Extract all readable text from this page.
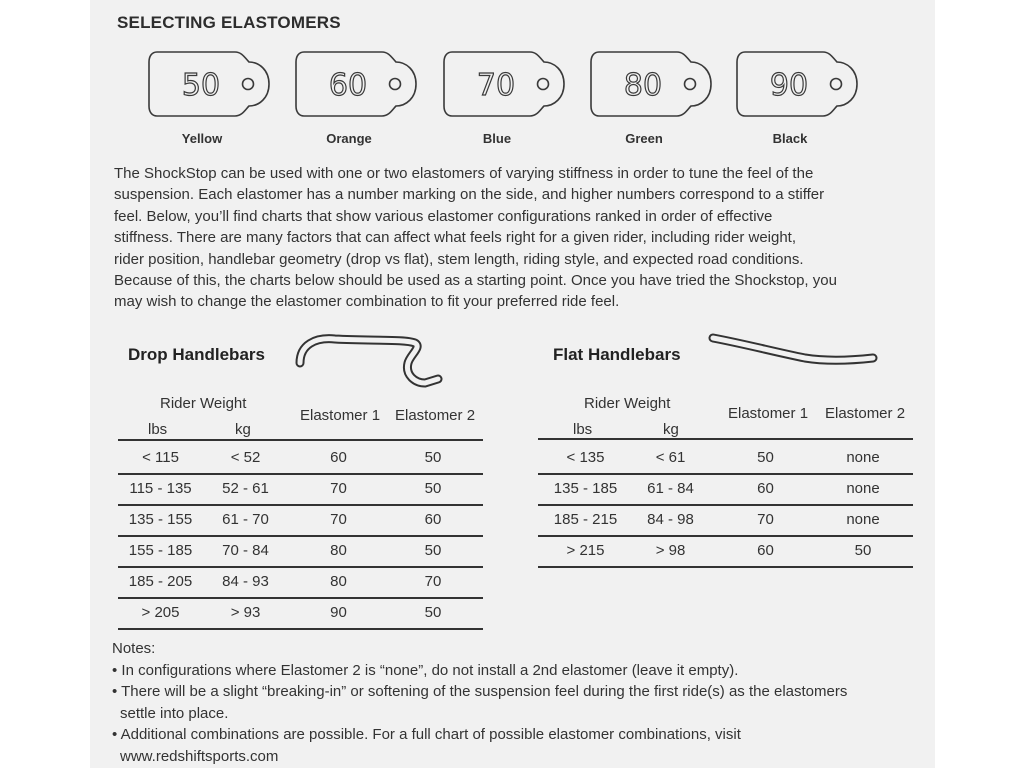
SELECTING ELASTOMERS
50
Yellow
60
Orange
70
Blue
80
Green
90
Black
The ShockStop can be used with one or two elastomers of varying stiffness in order to tune the feel of the
suspension. Each elastomer has a number marking on the side, and higher numbers correspond to a stiffer
feel. Below, you’ll find charts that show various elastomer configurations ranked in order of effective
stiffness. There are many factors that can affect what feels right for a given rider, including rider weight,
rider position, handlebar geometry (drop vs flat), stem length, riding style, and expected road conditions.
Because of this, the charts below should be used as a starting point. Once you have tried the Shockstop, you
may wish to change the elastomer combination to fit your preferred ride feel.
Drop Handlebars
Rider Weight
lbs	kg
Elastomer 1 Elastomer 2
< 115	< 52	60	50
115 - 135	52 - 61	70	50
135 - 155	61 - 70	70	60
155 - 185	70 - 84	80	50
185 - 205	84 - 93	80	70
> 205	> 93	90	50
Flat Handlebars
Rider Weight
lbs	kg
Elastomer 1 Elastomer 2
< 135	< 61	50	none
135 - 185	61 - 84	60	none
185 - 215	84 - 98	70	none
> 215	> 98	60	50
Notes:
• In configurations where Elastomer 2 is “none”, do not install a 2nd elastomer (leave it empty).
• There will be a slight “breaking-in” or softening of the suspension feel during the first ride(s) as the elastomers
settle into place.
• Additional combinations are possible. For a full chart of possible elastomer combinations, visit
www.redshiftsports.com
